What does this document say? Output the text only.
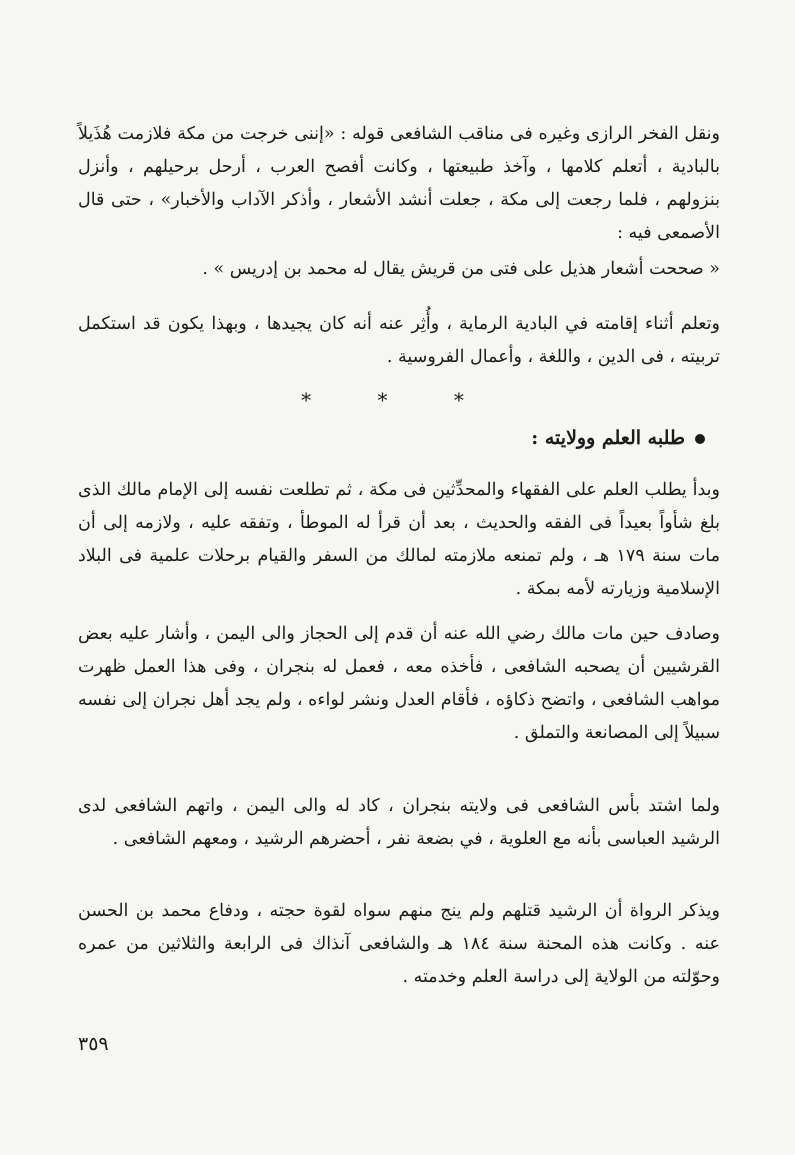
ونقل الفخر الرازى وغيره فى مناقب الشافعى قوله : «إننى خرجت من مكة فلازمت هُذَيلاً بالبادية ، أتعلم كلامها ، وآخذ طبيعتها ، وكانت أفصح العرب ، أرحل برحيلهم ، وأنزل بنزولهم ، فلما رجعت إلى مكة ، جعلت أنشد الأشعار ، وأذكر الآداب والأخبار» ، حتى قال الأصمعى فيه :
« صححت أشعار هذيل على فتى من قريش يقال له محمد بن إدريس » .
وتعلم أثناء إقامته في البادية الرماية ، وأُثِر عنه أنه كان يجيدها ، وبهذا يكون قد استكمل تربيته ، فى الدين ، واللغة ، وأعمال الفروسية .
* * *
طلبه العلم وولايته :
وبدأ يطلب العلم على الفقهاء والمحدِّثين فى مكة ، ثم تطلعت نفسه إلى الإمام مالك الذى بلغ شأواً بعيداً فى الفقه والحديث ، بعد أن قرأ له الموطأ ، وتفقه عليه ، ولازمه إلى أن مات سنة ١٧٩ هـ ، ولم تمنعه ملازمته لمالك من السفر والقيام برحلات علمية فى البلاد الإسلامية وزيارته لأمه بمكة .
وصادف حين مات مالك رضي الله عنه أن قدم إلى الحجاز والى اليمن ، وأشار عليه بعض القرشيين أن يصحبه الشافعى ، فأخذه معه ، فعمل له بنجران ، وفى هذا العمل ظهرت مواهب الشافعى ، واتضح ذكاؤه ، فأقام العدل ونشر لواءه ، ولم يجد أهل نجران إلى نفسه سبيلاً إلى المصانعة والتملق .
ولما اشتد بأس الشافعى فى ولايته بنجران ، كاد له والى اليمن ، واتهم الشافعى لدى الرشيد العباسى بأنه مع العلوية ، في بضعة نفر ، أحضرهم الرشيد ، ومعهم الشافعى .
ويذكر الرواة أن الرشيد قتلهم ولم ينج منهم سواه لقوة حجته ، ودفاع محمد بن الحسن عنه . وكانت هذه المحنة سنة ١٨٤ هـ والشافعى آنذاك فى الرابعة والثلاثين من عمره وحوّلته من الولاية إلى دراسة العلم وخدمته .
٣٥٩
